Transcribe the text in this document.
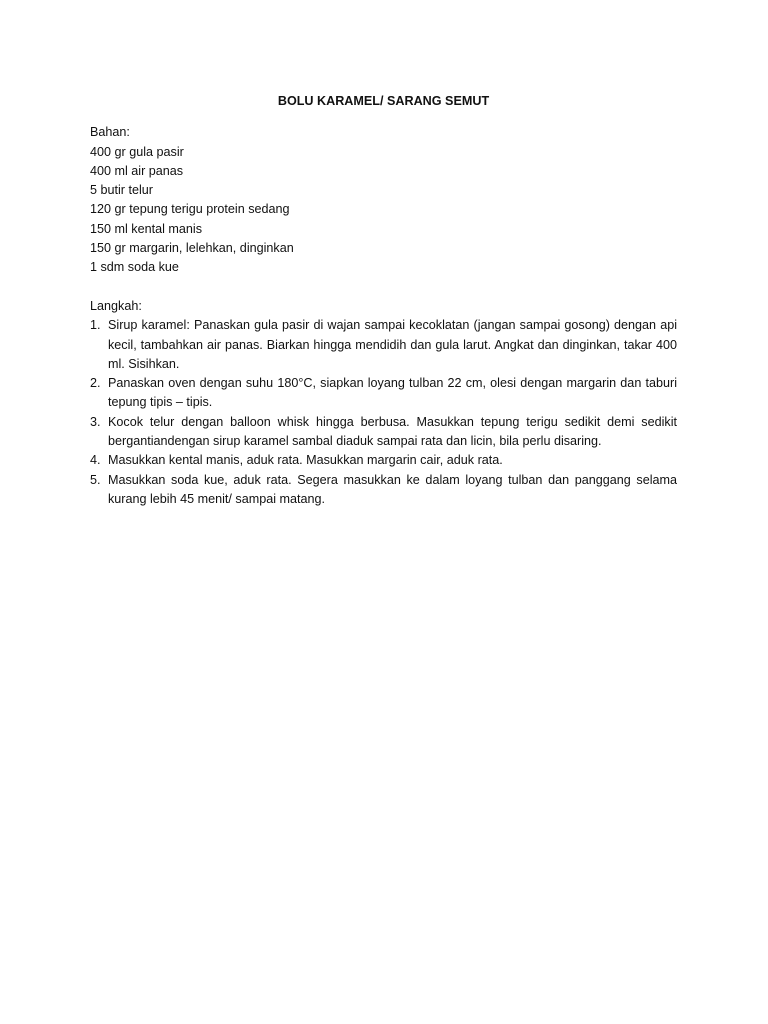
BOLU KARAMEL/ SARANG SEMUT
Bahan:
400 gr gula pasir
400 ml air panas
5 butir telur
120 gr tepung terigu protein sedang
150 ml kental manis
150 gr margarin, lelehkan, dinginkan
1 sdm soda kue
Langkah:
1. Sirup karamel: Panaskan gula pasir di wajan sampai kecoklatan (jangan sampai gosong) dengan api kecil, tambahkan air panas. Biarkan hingga mendidih dan gula larut. Angkat dan dinginkan, takar 400 ml. Sisihkan.
2. Panaskan oven dengan suhu 180°C, siapkan loyang tulban 22 cm, olesi dengan margarin dan taburi tepung tipis – tipis.
3. Kocok telur dengan balloon whisk hingga berbusa. Masukkan tepung terigu sedikit demi sedikit bergantiandengan sirup karamel sambal diaduk sampai rata dan licin, bila perlu disaring.
4. Masukkan kental manis, aduk rata. Masukkan margarin cair, aduk rata.
5. Masukkan soda kue, aduk rata. Segera masukkan ke dalam loyang tulban dan panggang selama kurang lebih 45 menit/ sampai matang.
